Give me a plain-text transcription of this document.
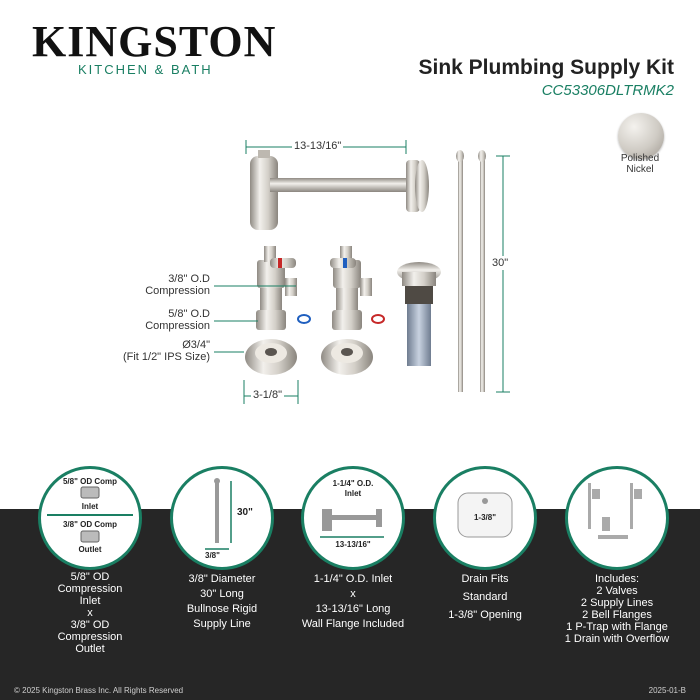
KINGSTON
KITCHEN & BATH	Sink Plumbing Supply Kit
CC53306DLTRMK2
Polished
Nickel
13-13/16"
30"
3-1/8"
3/8" O.D
Compression
5/8" O.D
Compression
Ø3/4"
(Fit 1/2" IPS Size)
5/8" OD Comp
Inlet
3/8" OD Comp
Outlet
30"
3/8"
1-1/4" O.D.
Inlet
13-13/16"
1-3/8"
5/8" OD
Compression
Inlet
x
3/8" OD
Compression
Outlet
3/8" Diameter
30" Long
Bullnose Rigid
Supply Line
1-1/4" O.D. Inlet
x
13-13/16" Long
Wall Flange Included
Drain Fits
Standard
1-3/8" Opening
Includes:
2 Valves
2 Supply Lines
2 Bell Flanges
1 P-Trap with Flange
1 Drain with Overflow
© 2025 Kingston Brass Inc. All Rights Reserved	2025-01-B
